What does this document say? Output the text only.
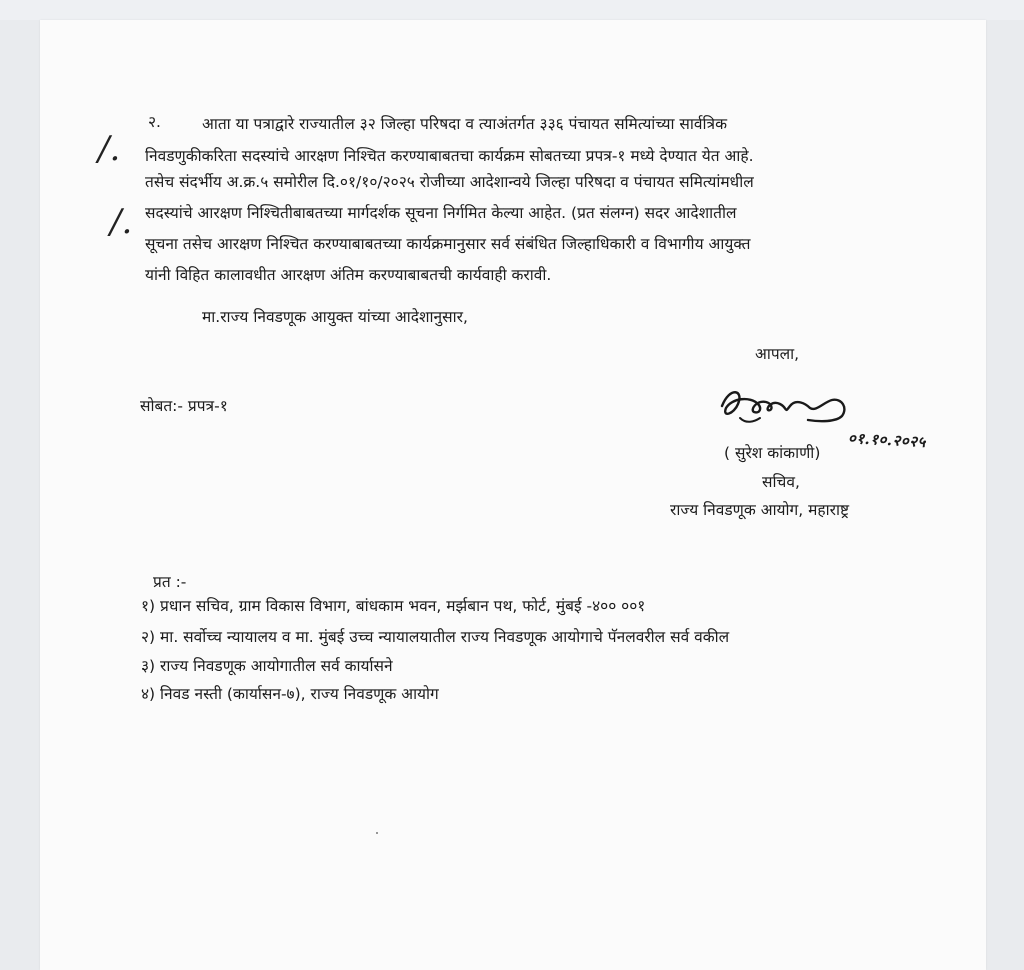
२.	आता या पत्राद्वारे राज्यातील ३२ जिल्हा परिषदा व त्याअंतर्गत ३३६ पंचायत समित्यांच्या सार्वत्रिक
निवडणुकीकरिता सदस्यांचे आरक्षण निश्चित करण्याबाबतचा कार्यक्रम सोबतच्या प्रपत्र-१ मध्ये देण्यात येत आहे.
तसेच संदर्भीय अ.क्र.५ समोरील दि.०१/१०/२०२५ रोजीच्या आदेशान्वये जिल्हा परिषदा व पंचायत समित्यांमधील
सदस्यांचे आरक्षण निश्चितीबाबतच्या मार्गदर्शक सूचना निर्गमित केल्या आहेत. (प्रत संलग्न) सदर आदेशातील
सूचना तसेच आरक्षण निश्चित करण्याबाबतच्या कार्यक्रमानुसार सर्व संबंधित जिल्हाधिकारी व विभागीय आयुक्त
यांनी विहित कालावधीत आरक्षण अंतिम करण्याबाबतची कार्यवाही करावी.
/.
/.
मा.राज्य निवडणूक आयुक्त यांच्या आदेशानुसार,
आपला,
सोबत:- प्रपत्र-१
०१.१०.२०२५
( सुरेश कांकाणी)
सचिव,
राज्य निवडणूक आयोग, महाराष्ट्र
प्रत :-
१) प्रधान सचिव, ग्राम विकास विभाग, बांधकाम भवन, मर्झबान पथ, फोर्ट, मुंबई -४०० ००१
२) मा. सर्वोच्च न्यायालय व मा. मुंबई उच्च न्यायालयातील राज्य निवडणूक आयोगाचे पॅनलवरील सर्व वकील
३) राज्य निवडणूक आयोगातील सर्व कार्यासने
४) निवड नस्ती (कार्यासन-७), राज्य निवडणूक आयोग
